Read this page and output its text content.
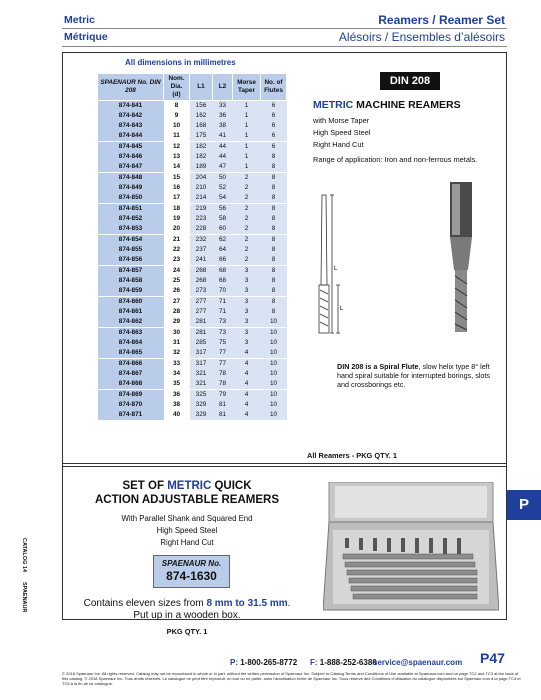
Metric
Métrique
Reamers / Reamer Set
Alésoirs / Ensembles d’alésoirs
All dimensions in millimetres
SPAENAUR No. DIN 208	Nom. Dia. (d)	L1	L2	Morse Taper	No. of Flutes
874-841	8	156	33	1	6
874-842	9	162	36	1	6
874-843	10	168	38	1	6
874-844	11	175	41	1	6
874-845	12	182	44	1	6
874-846	13	182	44	1	8
874-847	14	189	47	1	8
874-848	15	204	50	2	8
874-849	16	210	52	2	8
874-850	17	214	54	2	8
874-851	18	219	56	2	8
874-852	19	223	58	2	8
874-853	20	228	60	2	8
874-854	21	232	62	2	8
874-855	22	237	64	2	8
874-856	23	241	66	2	8
874-857	24	268	68	3	8
874-858	25	268	68	3	8
874-859	26	273	70	3	8
874-860	27	277	71	3	8
874-861	28	277	71	3	8
874-862	29	281	73	3	10
874-863	30	281	73	3	10
874-864	31	285	75	3	10
874-865	32	317	77	4	10
874-866	33	317	77	4	10
874-867	34	321	78	4	10
874-868	35	321	78	4	10
874-869	36	325	79	4	10
874-870	38	329	81	4	10
874-871	40	329	81	4	10
DIN 208
METRIC MACHINE REAMERS
with Morse Taper
High Speed Steel
Right Hand Cut
Range of application: Iron and non-ferrous metals.
L
L
DIN 208 is a Spiral Flute, slow helix type 8° left hand spiral suitable for interrupted borings, slots and crossborings etc.
All Reamers - PKG QTY. 1
SET OF METRIC QUICK
ACTION ADJUSTABLE REAMERS
With Parallel Shank and Squared End
High Speed Steel
Right Hand Cut
SPAENAUR No.
874-1630
Contains eleven sizes from 8 mm to 31.5 mm.
Put up in a wooden box.
PKG QTY. 1
P
CATALOG 14
SPAENAUR
P: 1-800-265-8772 F: 1-888-252-6380
service@spaenaur.com P47
© 2018 Spaenaur Inc. All rights reserved. Catalog may not be reproduced in whole or in part, without the written permission of Spaenaur Inc. Subject to Catalog Terms and Conditions of Use available at Spaenaur.com and on page TC2 and TC3 at the back of this catalog. © 2018 Spaenaur Inc. Tous droits réservés. Le catalogue ne peut être reproduit, en tout ou en partie, sans l’autorisation écrite de Spaenaur Inc. Sous réserve des Conditions d’utilisation du catalogue disponibles sur Spaenaur.com à la page TC4 et TC5 à la fin de ce catalogue.
